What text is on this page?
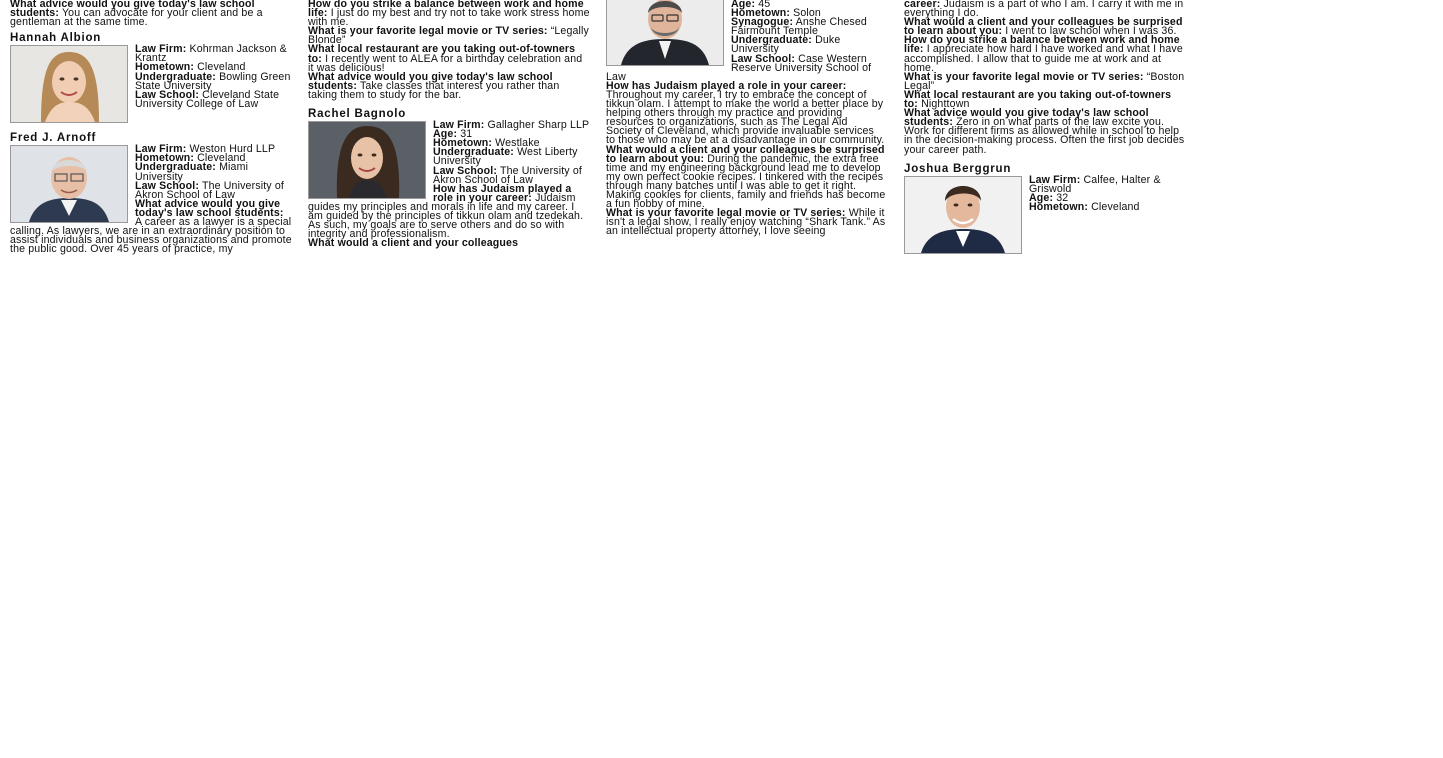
What advice would you give today's law school students: You can advocate for your client and be a gentleman at the same time.

Hannah Albion

Law Firm: Kohrman Jackson & Krantz

Hometown: Cleveland

Undergraduate: Bowling Green State University

Law School: Cleveland State University College of Law

Fred J. Arnoff

Law Firm: Weston Hurd LLP

Hometown: Cleveland

Undergraduate: Miami University

Law School: The University of Akron School of Law

What advice would you give today's law school students: A career as a lawyer is a special calling. As lawyers, we are in an extraordinary position to assist individuals and business organizations and promote the public good. Over 45 years of practice, my

How do you strike a balance between work and home life: I just do my best and try not to take work stress home with me.

What is your favorite legal movie or TV series: “Legally Blonde”

What local restaurant are you taking out-of-towners to: I recently went to ALEA for a birthday celebration and it was delicious!

What advice would you give today's law school students: Take classes that interest you rather than taking them to study for the bar.

Rachel Bagnolo

Law Firm: Gallagher Sharp LLP

Age: 31

Hometown: Westlake

Undergraduate: West Liberty University

Law School: The University of Akron School of Law

How has Judaism played a role in your career: Judaism guides my principles and morals in life and my career. I am guided by the principles of tikkun olam and tzedekah. As such, my goals are to serve others and do so with integrity and professionalism.

What would a client and your colleagues

Age: 45

Hometown: Solon

Synagogue: Anshe Chesed Fairmount Temple

Undergraduate: Duke University

Law School: Case Western Reserve University School of Law

How has Judaism played a role in your career: Throughout my career, I try to embrace the concept of tikkun olam. I attempt to make the world a better place by helping others through my practice and providing resources to organizations, such as The Legal Aid Society of Cleveland, which provide invaluable services to those who may be at a disadvantage in our community.

What would a client and your colleagues be surprised to learn about you: During the pandemic, the extra free time and my engineering background lead me to develop my own perfect cookie recipes. I tinkered with the recipes through many batches until I was able to get it right. Making cookies for clients, family and friends has become a fun hobby of mine.

What is your favorite legal movie or TV series: While it isn't a legal show, I really enjoy watching “Shark Tank.” As an intellectual property attorney, I love seeing

career: Judaism is a part of who I am. I carry it with me in everything I do.

What would a client and your colleagues be surprised to learn about you: I went to law school when I was 36.

How do you strike a balance between work and home life: I appreciate how hard I have worked and what I have accomplished. I allow that to guide me at work and at home.

What is your favorite legal movie or TV series: “Boston Legal”

What local restaurant are you taking out-of-towners to: Nighttown

What advice would you give today's law school students: Zero in on what parts of the law excite you. Work for different firms as allowed while in school to help in the decision-making process. Often the first job decides your career path.

Joshua Berggrun

Law Firm: Calfee, Halter & Griswold

Age: 32

Hometown: Cleveland
